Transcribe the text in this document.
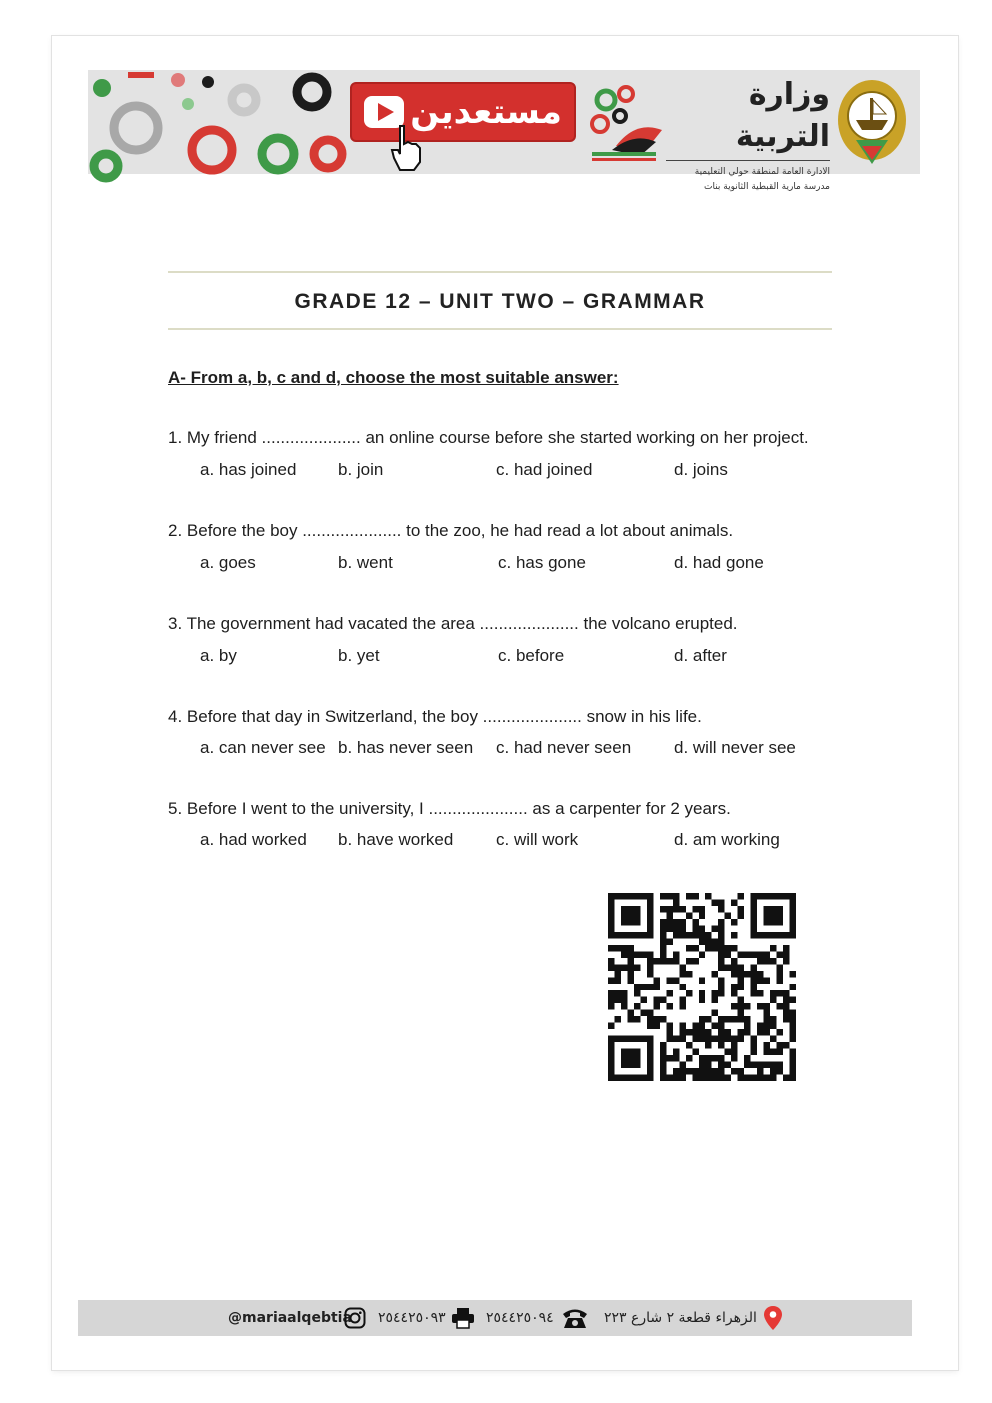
مستعدين	وزارة التربية
الادارة العامة لمنطقة حولي التعليمية
مدرسة مارية القبطية الثانوية بنات
GRADE 12 – UNIT TWO – GRAMMAR
A- From a, b, c and d, choose the most suitable answer:
1. My friend ..................... an online course before she started working on her project.
a. has joined b. join	c. had joined	d. joins
2. Before the boy ..................... to the zoo, he had read a lot about animals.
a. goes	b. went	c. has gone	d. had gone
3. The government had vacated the area ..................... the volcano erupted.
a. by	b. yet	c. before	d. after
4. Before that day in Switzerland, the boy ..................... snow in his life.
a. can never see b. has never seen c. had never seen	d. will never see
5. Before I went to the university, I ..................... as a carpenter for 2 years.
a. had worked b. have worked	c. will work	d. am working
@mariaalqebtia ٢٥٤٤٢٥٠٩٣	٢٥٤٤٢٥٠٩٤	الزهراء قطعة ٢ شارع ٢٢٣
